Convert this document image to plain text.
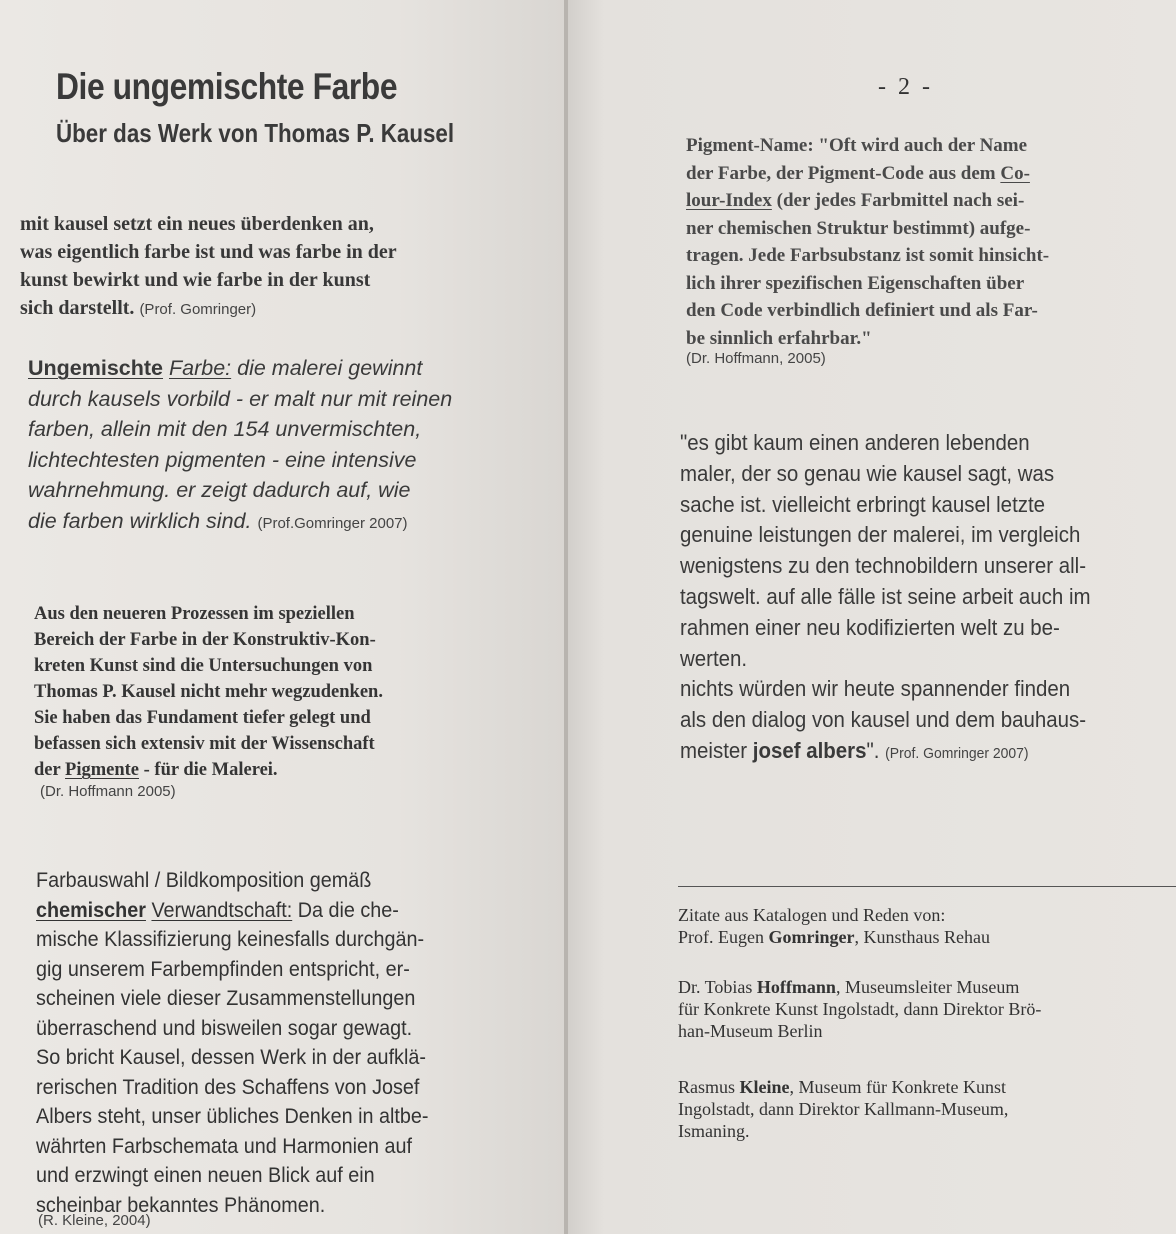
Die ungemischte Farbe
Über das Werk von Thomas P. Kausel
mit kausel setzt ein neues überdenken an,
was eigentlich farbe ist und was farbe in der
kunst bewirkt und wie farbe in der kunst
sich darstellt. (Prof. Gomringer)
Ungemischte Farbe: die malerei gewinnt
durch kausels vorbild - er malt nur mit reinen
farben, allein mit den 154 unvermischten,
lichtechtesten pigmenten - eine intensive
wahrnehmung. er zeigt dadurch auf, wie
die farben wirklich sind. (Prof.Gomringer 2007)
Aus den neueren Prozessen im speziellen
Bereich der Farbe in der Konstruktiv-Kon-
kreten Kunst sind die Untersuchungen von
Thomas P. Kausel nicht mehr wegzudenken.
Sie haben das Fundament tiefer gelegt und
befassen sich extensiv mit der Wissenschaft
der Pigmente - für die Malerei.
(Dr. Hoffmann 2005)
Farbauswahl / Bildkomposition gemäß
chemischer Verwandtschaft: Da die che-
mische Klassifizierung keinesfalls durchgän-
gig unserem Farbempfinden entspricht, er-
scheinen viele dieser Zusammenstellungen
überraschend und bisweilen sogar gewagt.
So bricht Kausel, dessen Werk in der aufklä-
rerischen Tradition des Schaffens von Josef
Albers steht, unser übliches Denken in altbe-
währten Farbschemata und Harmonien auf
und erzwingt einen neuen Blick auf ein
scheinbar bekanntes Phänomen.
(R. Kleine, 2004)
- 2 -
Pigment-Name: "Oft wird auch der Name
der Farbe, der Pigment-Code aus dem Co-
lour-Index (der jedes Farbmittel nach sei-
ner chemischen Struktur bestimmt) aufge-
tragen. Jede Farbsubstanz ist somit hinsicht-
lich ihrer spezifischen Eigenschaften über
den Code verbindlich definiert und als Far-
be sinnlich erfahrbar."
(Dr. Hoffmann, 2005)
"es gibt kaum einen anderen lebenden
maler, der so genau wie kausel sagt, was
sache ist. vielleicht erbringt kausel letzte
genuine leistungen der malerei, im vergleich
wenigstens zu den technobildern unserer all-
tagswelt. auf alle fälle ist seine arbeit auch im
rahmen einer neu kodifizierten welt zu be-
werten.
nichts würden wir heute spannender finden
als den dialog von kausel und dem bauhaus-
meister josef albers". (Prof. Gomringer 2007)
Zitate aus Katalogen und Reden von:
Prof. Eugen Gomringer, Kunsthaus Rehau
Dr. Tobias Hoffmann, Museumsleiter Museum
für Konkrete Kunst Ingolstadt, dann Direktor Brö-
han-Museum Berlin
Rasmus Kleine, Museum für Konkrete Kunst
Ingolstadt, dann Direktor Kallmann-Museum,
Ismaning.
